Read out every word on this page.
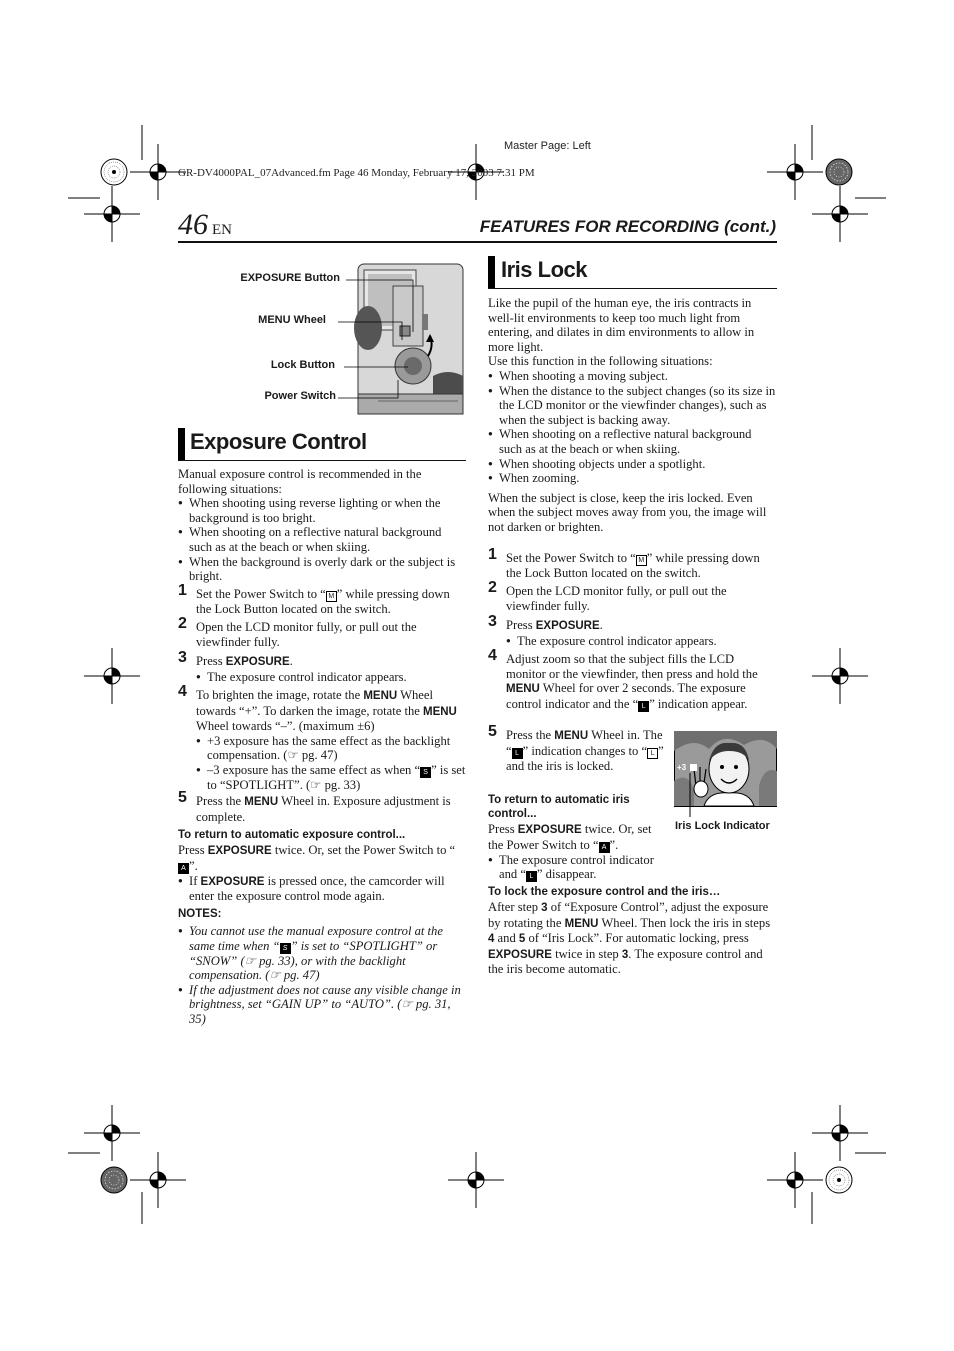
Master Page: Left
GR-DV4000PAL_07Advanced.fm Page 46 Monday, February 17, 2003 7:31 PM
46 EN	FEATURES FOR RECORDING (cont.)
EXPOSURE Button
MENU Wheel
Lock Button
Power Switch
Exposure Control

Manual exposure control is recommended in the following situations:

● When shooting using reverse lighting or when the background is too bright.

● When shooting on a reflective natural background such as at the beach or when skiing.

● When the background is overly dark or the subject is bright.

1 Set the Power Switch to “ M ” while pressing down the Lock Button located on the switch.
2 Open the LCD monitor fully, or pull out the viewfinder fully.
3 Press EXPOSURE.
● The exposure control indicator appears.
4 To brighten the image, rotate the MENU Wheel towards “+”. To darken the image, rotate the MENU Wheel towards “–”. (maximum ±6)
● +3 exposure has the same effect as the backlight compensation. (☞ pg. 47)
● –3 exposure has the same effect as when “ S ” is set to “SPOTLIGHT”. (☞ pg. 33)
5 Press the MENU Wheel in. Exposure adjustment is complete.
To return to automatic exposure control...

Press EXPOSURE twice. Or, set the Power Switch to “A ”.

● If EXPOSURE is pressed once, the camcorder will enter the exposure control mode again.

NOTES:

● You cannot use the manual exposure control at the same time when “ S ” is set to “SPOTLIGHT” or “SNOW” (☞ pg. 33), or with the backlight compensation. (☞ pg. 47)

● If the adjustment does not cause any visible change in brightness, set “GAIN UP” to “AUTO”. (☞ pg. 31, 35)

Iris Lock

Like the pupil of the human eye, the iris contracts in well-lit environments to keep too much light from entering, and dilates in dim environments to allow in more light.

Use this function in the following situations:

● When shooting a moving subject.

● When the distance to the subject changes (so its size in the LCD monitor or the viewfinder changes), such as when the subject is backing away.

● When shooting on a reflective natural background such as at the beach or when skiing.

● When shooting objects under a spotlight.

● When zooming.

When the subject is close, keep the iris locked. Even when the subject moves away from you, the image will not darken or brighten.

1 Set the Power Switch to “ M ” while pressing down the Lock Button located on the switch.
2 Open the LCD monitor fully, or pull out the viewfinder fully.
3 Press EXPOSURE.
● The exposure control indicator appears.
4 Adjust zoom so that the subject fills the LCD monitor or the viewfinder, then press and hold the MENU Wheel for over 2 seconds. The exposure control indicator and the “ L ” indication appear.
5 Press the MENU Wheel in. The “ L ” indication changes to “ L ” and the iris is locked.	+3
Iris Lock Indicator
To return to automatic iris control...

Press EXPOSURE twice. Or, set the Power Switch to “ A ”.

● The exposure control indicator and “ L ” disappear.

To lock the exposure control and the iris…

After step 3 of “Exposure Control”, adjust the exposure by rotating the MENU Wheel. Then lock the iris in steps 4 and 5 of “Iris Lock”. For automatic locking, press EXPOSURE twice in step 3. The exposure control and the iris become automatic.
